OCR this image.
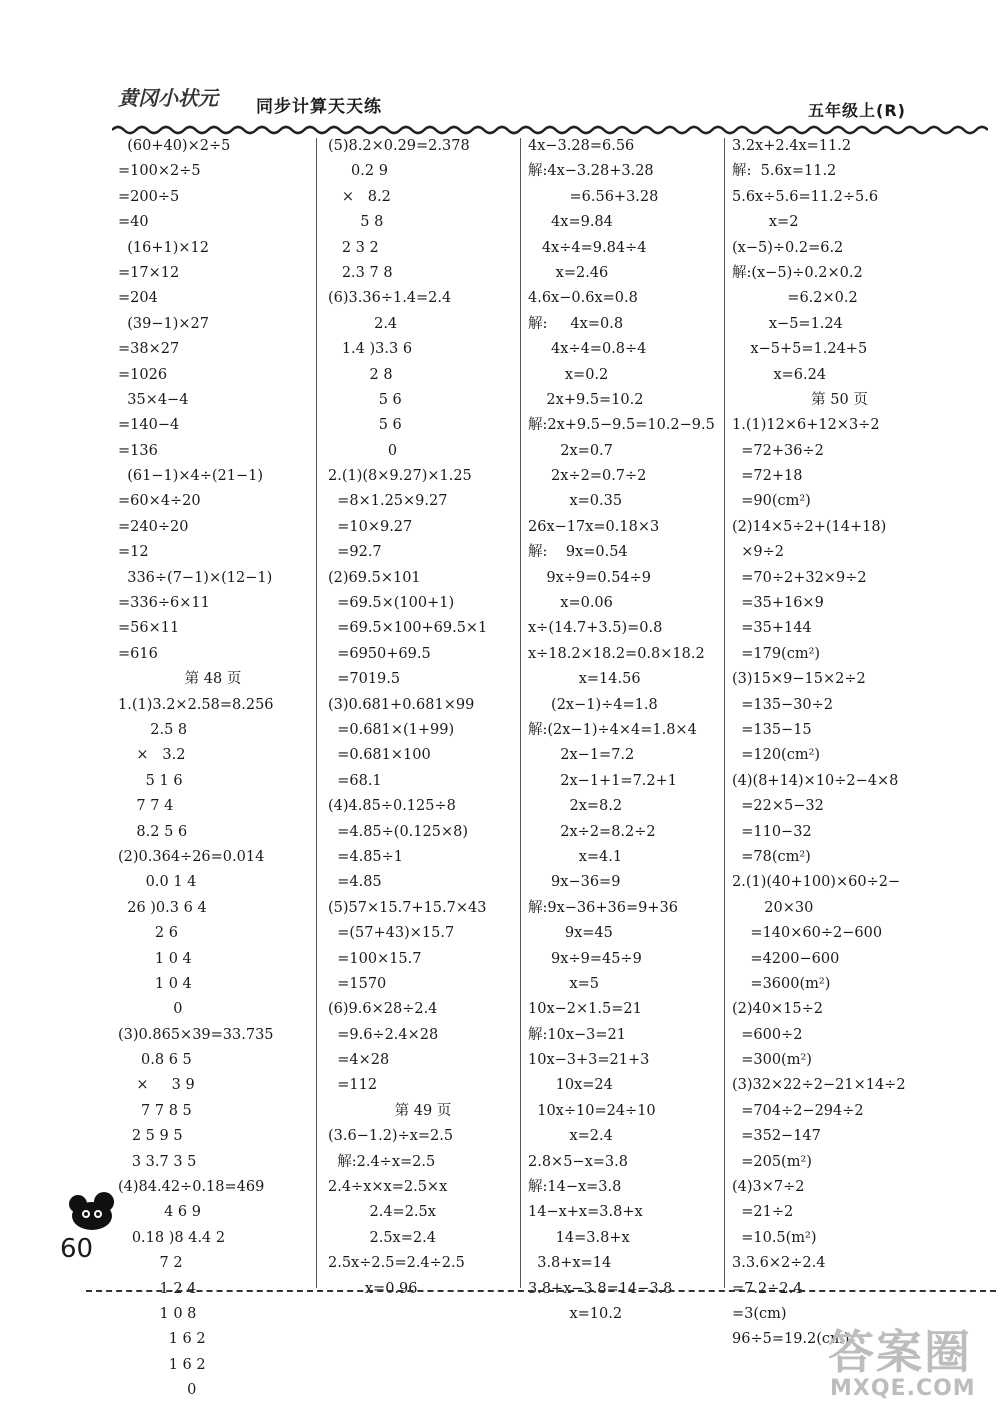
黄冈小状元 同步计算天天练	五年级上(R)
(60+40)×2÷5
=100×2÷5
=200÷5
=40
(16+1)×12
=17×12
=204
(39−1)×27
=38×27
=1026
35×4−4
=140−4
=136
(61−1)×4÷(21−1)
=60×4÷20
=240÷20
=12
336÷(7−1)×(12−1)
=336÷6×11
=56×11
=616
第 48 页
1.(1)3.2×2.58=8.256
2.5 8
×   3.2
5 1 6
7 7 4
8.2 5 6
(2)0.364÷26=0.014
0.0 1 4
26 )0.3 6 4
2 6
1 0 4
1 0 4
0
(3)0.865×39=33.735
0.8 6 5
×     3 9
7 7 8 5
2 5 9 5
3 3.7 3 5
(4)84.42÷0.18=469
4 6 9
0.18 )8 4.4 2
7 2
1 2 4
1 0 8
1 6 2
1 6 2
0
(5)8.2×0.29=2.378
0.2 9
×   8.2
5 8
2 3 2
2.3 7 8
(6)3.36÷1.4=2.4
2.4
1.4 )3.3 6
2 8
5 6
5 6
0
2.(1)(8×9.27)×1.25
=8×1.25×9.27
=10×9.27
=92.7
(2)69.5×101
=69.5×(100+1)
=69.5×100+69.5×1
=6950+69.5
=7019.5
(3)0.681+0.681×99
=0.681×(1+99)
=0.681×100
=68.1
(4)4.85÷0.125÷8
=4.85÷(0.125×8)
=4.85÷1
=4.85
(5)57×15.7+15.7×43
=(57+43)×15.7
=100×15.7
=1570
(6)9.6×28÷2.4
=9.6÷2.4×28
=4×28
=112
第 49 页
(3.6−1.2)÷x=2.5
解:2.4÷x=2.5
2.4÷x×x=2.5×x
2.4=2.5x
2.5x=2.4
2.5x÷2.5=2.4÷2.5
x=0.96
4x−3.28=6.56
解:4x−3.28+3.28
=6.56+3.28
4x=9.84
4x÷4=9.84÷4
x=2.46
4.6x−0.6x=0.8
解:     4x=0.8
4x÷4=0.8÷4
x=0.2
2x+9.5=10.2
解:2x+9.5−9.5=10.2−9.5
2x=0.7
2x÷2=0.7÷2
x=0.35
26x−17x=0.18×3
解:    9x=0.54
9x÷9=0.54÷9
x=0.06
x÷(14.7+3.5)=0.8
x÷18.2×18.2=0.8×18.2
x=14.56
(2x−1)÷4=1.8
解:(2x−1)÷4×4=1.8×4
2x−1=7.2
2x−1+1=7.2+1
2x=8.2
2x÷2=8.2÷2
x=4.1
9x−36=9
解:9x−36+36=9+36
9x=45
9x÷9=45÷9
x=5
10x−2×1.5=21
解:10x−3=21
10x−3+3=21+3
10x=24
10x÷10=24÷10
x=2.4
2.8×5−x=3.8
解:14−x=3.8
14−x+x=3.8+x
14=3.8+x
3.8+x=14
3.8+x−3.8=14−3.8
x=10.2
3.2x+2.4x=11.2
解:  5.6x=11.2
5.6x÷5.6=11.2÷5.6
x=2
(x−5)÷0.2=6.2
解:(x−5)÷0.2×0.2
=6.2×0.2
x−5=1.24
x−5+5=1.24+5
x=6.24
第 50 页
1.(1)12×6+12×3÷2
=72+36÷2
=72+18
=90(cm²)
(2)14×5÷2+(14+18)
×9÷2
=70÷2+32×9÷2
=35+16×9
=35+144
=179(cm²)
(3)15×9−15×2÷2
=135−30÷2
=135−15
=120(cm²)
(4)(8+14)×10÷2−4×8
=22×5−32
=110−32
=78(cm²)
2.(1)(40+100)×60÷2−
20×30
=140×60÷2−600
=4200−600
=3600(m²)
(2)40×15÷2
=600÷2
=300(m²)
(3)32×22÷2−21×14÷2
=704÷2−294÷2
=352−147
=205(m²)
(4)3×7÷2
=21÷2
=10.5(m²)
3.3.6×2÷2.4
=7.2÷2.4
=3(cm)
96÷5=19.2(cm)
60
答案圈
MXQE.COM
